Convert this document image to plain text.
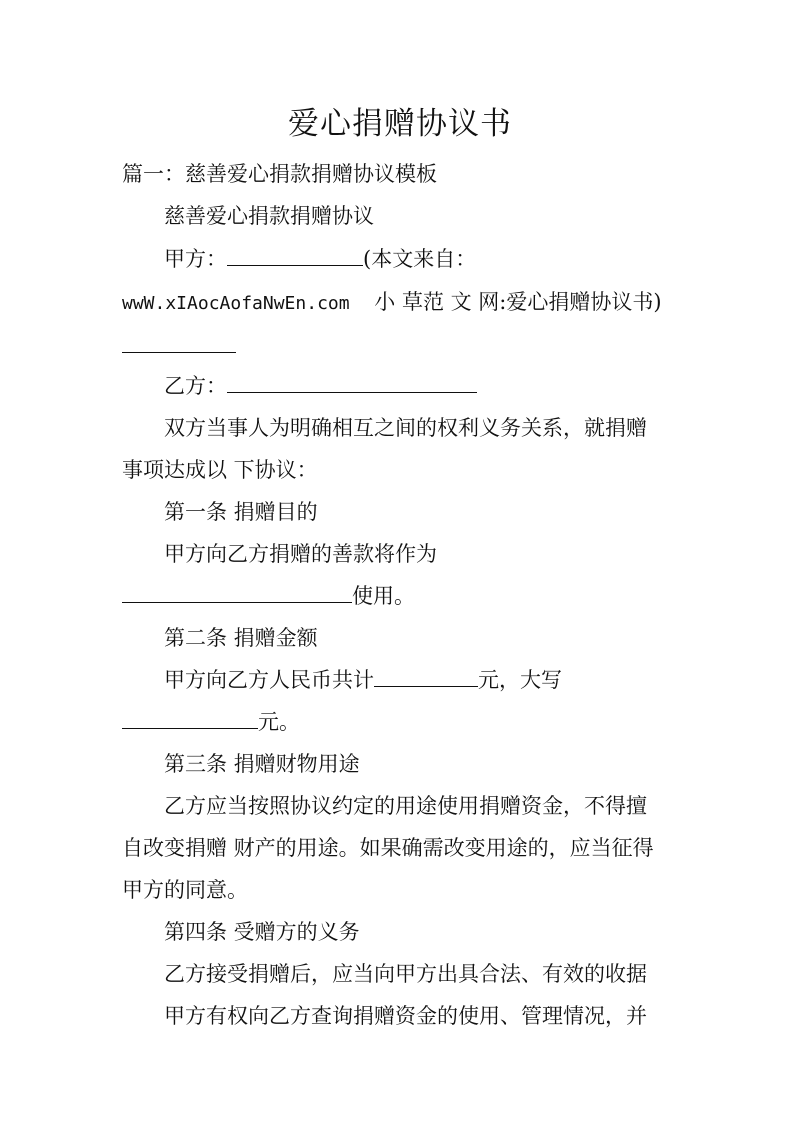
爱心捐赠协议书
篇一：慈善爱心捐款捐赠协议模板
慈善爱心捐款捐赠协议
甲方：	(本文来自：
wwW.xIAocAofaNwEn.com 小 草范 文 网:爱心捐赠协议书)
乙方：
双方当事人为明确相互之间的权利义务关系，就捐赠
事项达成以 下协议：
第一条 捐赠目的
甲方向乙方捐赠的善款将作为
使用。
第二条 捐赠金额
甲方向乙方人民币共计	元，大写
元。
第三条 捐赠财物用途
乙方应当按照协议约定的用途使用捐赠资金，不得擅
自改变捐赠 财产的用途。如果确需改变用途的，应当征得
甲方的同意。
第四条 受赠方的义务
乙方接受捐赠后，应当向甲方出具合法、有效的收据
甲方有权向乙方查询捐赠资金的使用、管理情况，并
